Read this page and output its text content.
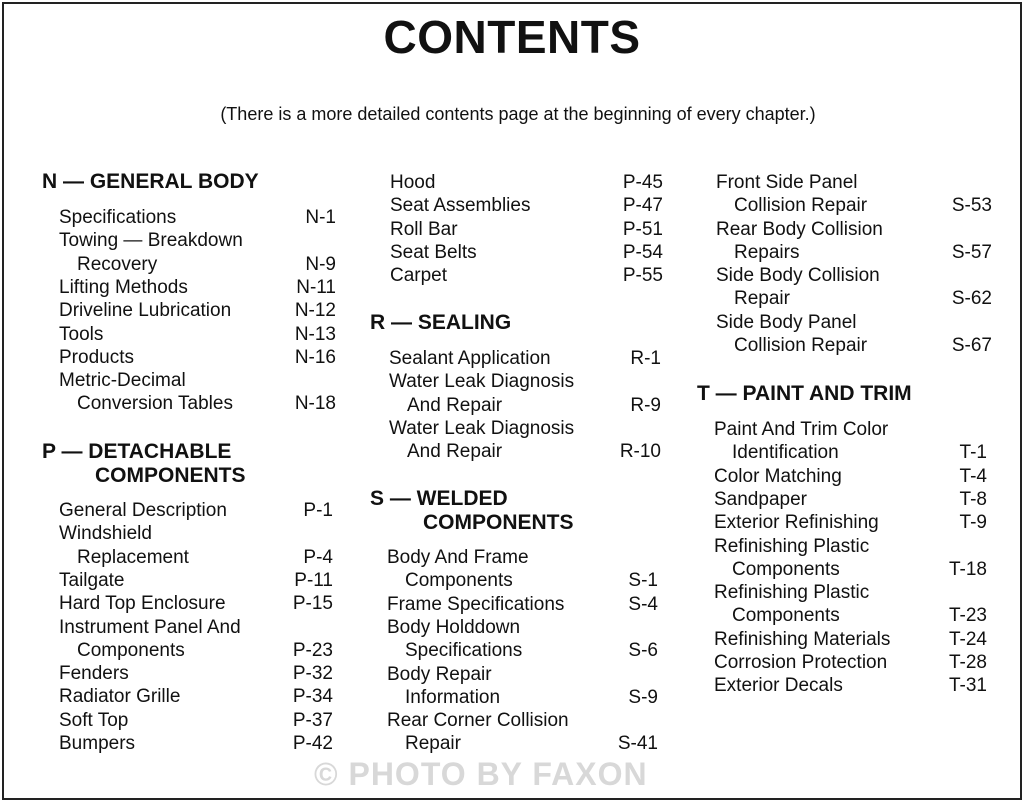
CONTENTS
(There is a more detailed contents page at the beginning of every chapter.)
N — GENERAL BODY
P — DETACHABLE
COMPONENTS
R — SEALING
S — WELDED
COMPONENTS
T — PAINT AND TRIM
Specifications	N-1
Towing — Breakdown
Recovery	N-9
Lifting Methods	N-11
Driveline Lubrication	N-12
Tools	N-13
Products	N-16
Metric-Decimal
Conversion Tables	N-18
General Description	P-1
Windshield
Replacement	P-4
Tailgate	P-11
Hard Top Enclosure	P-15
Instrument Panel And
Components	P-23
Fenders	P-32
Radiator Grille	P-34
Soft Top	P-37
Bumpers	P-42
Hood	P-45
Seat Assemblies	P-47
Roll Bar	P-51
Seat Belts	P-54
Carpet	P-55
Sealant Application	R-1
Water Leak Diagnosis
And Repair	R-9
Water Leak Diagnosis
And Repair	R-10
Body And Frame
Components	S-1
Frame Specifications	S-4
Body Holddown
Specifications	S-6
Body Repair
Information	S-9
Rear Corner Collision
Repair	S-41
Front Side Panel
Collision Repair	S-53
Rear Body Collision
Repairs	S-57
Side Body Collision
Repair	S-62
Side Body Panel
Collision Repair	S-67
Paint And Trim Color
Identification	T-1
Color Matching	T-4
Sandpaper	T-8
Exterior Refinishing	T-9
Refinishing Plastic
Components	T-18
Refinishing Plastic
Components	T-23
Refinishing Materials	T-24
Corrosion Protection	T-28
Exterior Decals	T-31
© PHOTO BY FAXON
